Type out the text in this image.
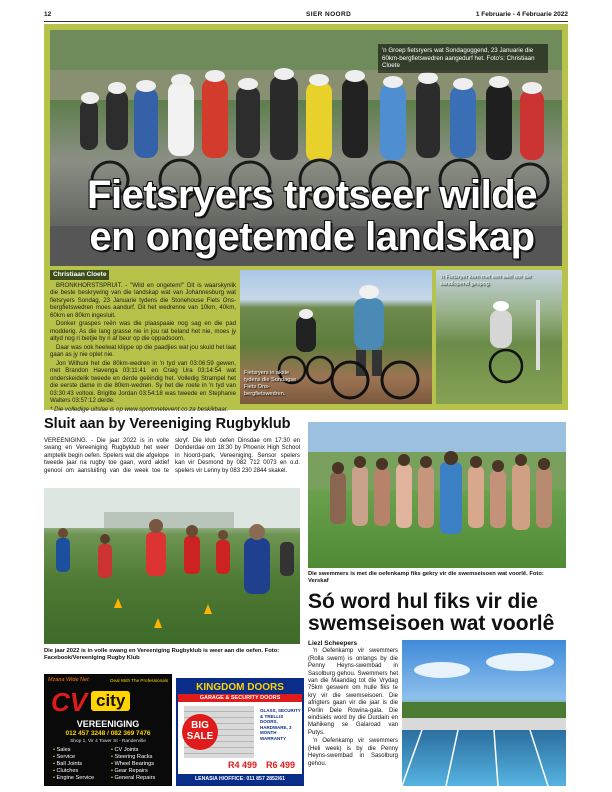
12	SIER NOORD	1 Februarie - 4 Februarie 2022
'n Groep fietsryers wat Sondagoggend, 23 Januarie die 60km-bergfietswedren aangedurf het. Foto's: Christiaan Cloete
Fietsryers trotseer wilde
en ongetemde landskap
Christiaan Cloete

BRONKHORSTSPRUIT. - "Wild en ongetem!" Dit is waarskynlik die beste beskrywing van die landskap wat van Johannesburg wat fietsryers Sondag, 23 Januarie tydens die Stonehouse Fiets Ons-bergfietswedren moes aandurf. Dit het wedrenne van 10km, 40km, 60km en 80km ingesluit.

Donker graspes reën was die plaaspaaie nog sag en die pad modderig. As die lang grasse nie in jou rat beland het nie, moes jy altyd nog ri bietjie by ri af beur op die oppadsoom.

Daar was ook heelwat klippe op die paadjies wat jou skuld het laat gaan as jy nie oplet nie.

Jon Wilhuni het die 80km-wedren in 'n tyd van 03:06:59 gewen, met Brandon Havenga 03:11:41 en Craig Ura 03:14:54 wat onderskeidelik tweede en derde geëindig het. Volledig Strampel het die eerste dame in die 80km-wedren. Sy het die roete in 'n tyd van 03:30:43 voltooi. Brigitte Jordan 03:54:18 was tweede en Stephanie Walters 03:57:12 derde.

* Die volledige uitslae is op www.sportonetevent.co.za beskikbaar.

Fietsryers in aksie tydens die Sondagse Fiets Ons-bergfietswedren.
'n Fietsryer kom met een wiel oor die sandlopend gespog.
Sluit aan by Vereeniging Rugbyklub
VEREENIGING. - Die jaar 2022 is in volle swang en Vereeniging Rugbyklub het weer amptelik begin oefen. Spelers wat die afgelope tweede jaar na rugby toe gaan, word aktief genooi om aansluiting van die week toe te skryf. Die klub oefen Dinsdae om 17:30 en Donderdae om 18:30 by Phoenix High School in Noord-park, Vereeniging. Sensor spelers kan vir Desmond by 082 712 0073 en o.d. spelers vir Lenny by 083 230 2844 skakel.
Die jaar 2022 is in volle swang en Vereeniging Rugbyklub is weer aan die oefen. Foto: Facebook/Vereeniging Rugby Klub
Die swemmers is met die oefenkamp fiks gekry vir die swemseisoen wat voorlê. Foto: Verskaf
Só word hul fiks vir die swemseisoen wat voorlê
Liezl Scheepers

'n Oefenkamp vir swemmers (Rolla swem) is onlangs by die Penny Heyns-swembad in Sasolburg gehou. Swemmers het van die Maandag tot die Vrydag 75km geswem om hulle fiks te kry vir die swemseisoen. Die afrigters gaan vir die jaar is die Perlin Dele Rowina-gala. Die eindsiels word by die Durdain en Mahikeng se Galaroad van Putys.

'n Oefenkamp vir swemmers (Heli week) is by die Penny Heyns-swembad in Sasolburg gehou.

Mzana Wide Net	Deal With The Professionals
CV city
VEREENIGING
012 457 3248 / 082 369 7476
Shop 1, Vir 4 Tower St - Randerville
• Sales
• Service
• Ball Joints
• Clutches
• Engine Service
• CV Joints
• Steering Racks
• Wheel Bearings
• Gear Repairs
• General Repairs
KINGDOM DOORS
GARAGE & SECURITY DOORS
BIG SALE
GLASS, SECURITY & TRELLIS DOORS, HARDWARE, 3 MONTH WARRANTY
R4 499 R6 499
LENASIA H/OFFICE: 011 857 2852/61
